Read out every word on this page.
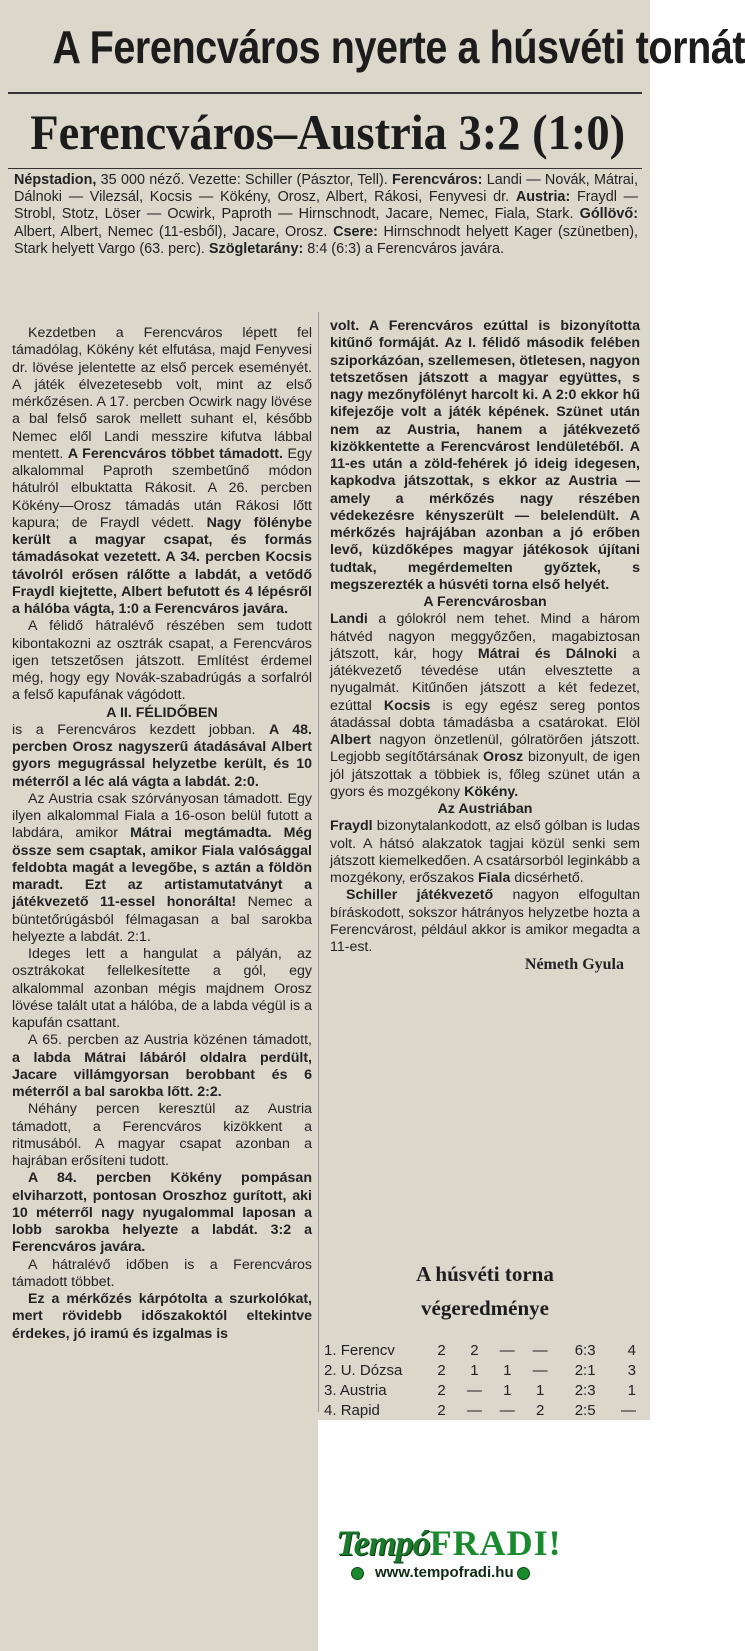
A Ferencváros nyerte a húsvéti tornát
Ferencváros–Austria 3:2 (1:0)
Népstadion, 35 000 néző. Vezette: Schiller (Pásztor, Tell). Ferencváros: Landi — Novák, Mátrai, Dálnoki — Vilezsál, Kocsis — Kökény, Orosz, Albert, Rákosi, Fenyvesi dr. Austria: Fraydl — Strobl, Stotz, Löser — Ocwirk, Paproth — Hirnschnodt, Jacare, Nemec, Fiala, Stark. Góllövő: Albert, Albert, Nemec (11-esből), Jacare, Orosz. Csere: Hirnschnodt helyett Kager (szünetben), Stark helyett Vargo (63. perc). Szögletarány: 8:4 (6:3) a Ferencváros javára.

Kezdetben a Ferencváros lépett fel támadólag, Kökény két elfutása, majd Fenyvesi dr. lövése jelentette az első percek eseményét. A játék élvezetesebb volt, mint az első mérkőzésen. A 17. percben Ocwirk nagy lövése a bal felső sarok mellett suhant el, később Nemec elől Landi messzire kifutva lábbal mentett. A Ferencváros többet támadott. Egy alkalommal Paproth szembetűnő módon hátulról elbuktatta Rákosit. A 26. percben Kökény—Orosz támadás után Rákosi lőtt kapura; de Fraydl védett. Nagy fölénybe került a magyar csapat, és formás támadásokat vezetett. A 34. percben Kocsis távolról erősen rálőtte a labdát, a vetődő Fraydl kiejtette, Albert befutott és 4 lépésről a hálóba vágta, 1:0 a Ferencváros javára.

A félidő hátralévő részében sem tudott kibontakozni az osztrák csapat, a Ferencváros igen tetszetősen játszott. Említést érdemel még, hogy egy Novák-szabadrúgás a sorfalról a felső kapufának vágódott.

A II. FÉLIDŐBEN

is a Ferencváros kezdett jobban. A 48. percben Orosz nagyszerű átadásával Albert gyors megugrással helyzetbe került, és 10 méterről a léc alá vágta a labdát. 2:0.

Az Austria csak szórványosan támadott. Egy ilyen alkalommal Fiala a 16-oson belül futott a labdára, amikor Mátrai megtámadta. Még össze sem csaptak, amikor Fiala valósággal feldobta magát a levegőbe, s aztán a földön maradt. Ezt az artistamutatványt a játékvezető 11-essel honorálta! Nemec a büntetőrúgásból félmagasan a bal sarokba helyezte a labdát. 2:1.

Ideges lett a hangulat a pályán, az osztrákokat fellelkesítette a gól, egy alkalommal azonban mégis majdnem Orosz lövése talált utat a hálóba, de a labda végül is a kapufán csattant.

A 65. percben az Austria közénen támadott, a labda Mátrai lábáról oldalra perdült, Jacare villámgyorsan berobbant és 6 méterről a bal sarokba lőtt. 2:2.

Néhány percen keresztül az Austria támadott, a Ferencváros kizökkent a ritmusából. A magyar csapat azonban a hajrában erősíteni tudott.

A 84. percben Kökény pompásan elviharzott, pontosan Oroszhoz gurított, aki 10 méterről nagy nyugalommal laposan a lobb sarokba helyezte a labdát. 3:2 a Ferencváros javára.

A hátralévő időben is a Ferencváros támadott többet.

Ez a mérkőzés kárpótolta a szurkolókat, mert rövidebb időszakoktól eltekintve érdekes, jó iramú és izgalmas is

volt. A Ferencváros ezúttal is bizonyította kitűnő formáját. Az I. félidő második felében sziporkázóan, szellemesen, ötletesen, nagyon tetszetősen játszott a magyar együttes, s nagy mezőnyfölényt harcolt ki. A 2:0 ekkor hű kifejezője volt a játék képének. Szünet után nem az Austria, hanem a játékvezető kizökkentette a Ferencvárost lendületéből. A 11-es után a zöld-fehérek jó ideig idegesen, kapkodva játszottak, s ekkor az Austria — amely a mérkőzés nagy részében védekezésre kényszerült — belelendült. A mérkőzés hajrájában azonban a jó erőben levő, küzdőképes magyar játékosok újítani tudtak, megérdemelten győztek, s megszerezték a húsvéti torna első helyét.

A Ferencvárosban

Landi a gólokról nem tehet. Mind a három hátvéd nagyon meggyőzően, magabiztosan játszott, kár, hogy Mátrai és Dálnoki a játékvezető tévedése után elvesztette a nyugalmát. Kitűnően játszott a két fedezet, ezúttal Kocsis is egy egész sereg pontos átadással dobta támadásba a csatárokat. Elöl Albert nagyon önzetlenül, gólratörően játszott. Legjobb segítőtársának Orosz bizonyult, de igen jól játszottak a többiek is, főleg szünet után a gyors és mozgékony Kökény.

Az Austriában

Fraydl bizonytalankodott, az első gólban is ludas volt. A hátsó alakzatok tagjai közül senki sem játszott kiemelkedően. A csatársorból leginkább a mozgékony, erőszakos Fiala dicsérhető.

Schiller játékvezető nagyon elfogultan bíráskodott, sokszor hátrányos helyzetbe hozta a Ferencvárost, például akkor is amikor megadta a 11-est.

Németh Gyula

A húsvéti torna
végeredménye
1. Ferencv	2	2	—	—	6:3	4
2. U. Dózsa	2	1	1	—	2:1	3
3. Austria	2	—	1	1	2:3	1
4. Rapid	2	—	—	2	2:5	—
TempóFRADI!
www.tempofradi.hu
